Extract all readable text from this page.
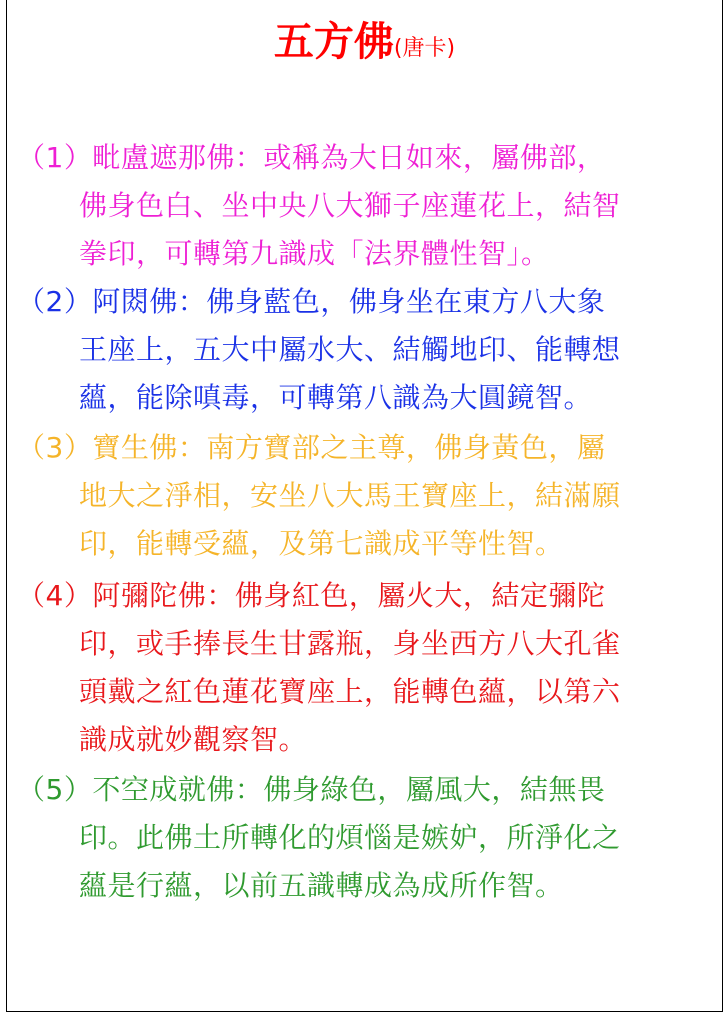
五方佛(唐卡)
（1）毗盧遮那佛：或稱為大日如來，屬佛部，
佛身色白、坐中央八大獅子座蓮花上，結智
拳印，可轉第九識成「法界體性智」。
（2）阿閦佛：佛身藍色，佛身坐在東方八大象
王座上，五大中屬水大、結觸地印、能轉想
蘊，能除嗔毒，可轉第八識為大圓鏡智。
（3）寶生佛：南方寶部之主尊，佛身黃色，屬
地大之淨相，安坐八大馬王寶座上，結滿願
印，能轉受蘊，及第七識成平等性智。
（4）阿彌陀佛：佛身紅色，屬火大，結定彌陀
印，或手捧長生甘露瓶，身坐西方八大孔雀
頭戴之紅色蓮花寶座上，能轉色蘊，以第六
識成就妙觀察智。
（5）不空成就佛：佛身綠色，屬風大，結無畏
印。此佛土所轉化的煩惱是嫉妒，所淨化之
蘊是行蘊，以前五識轉成為成所作智。
